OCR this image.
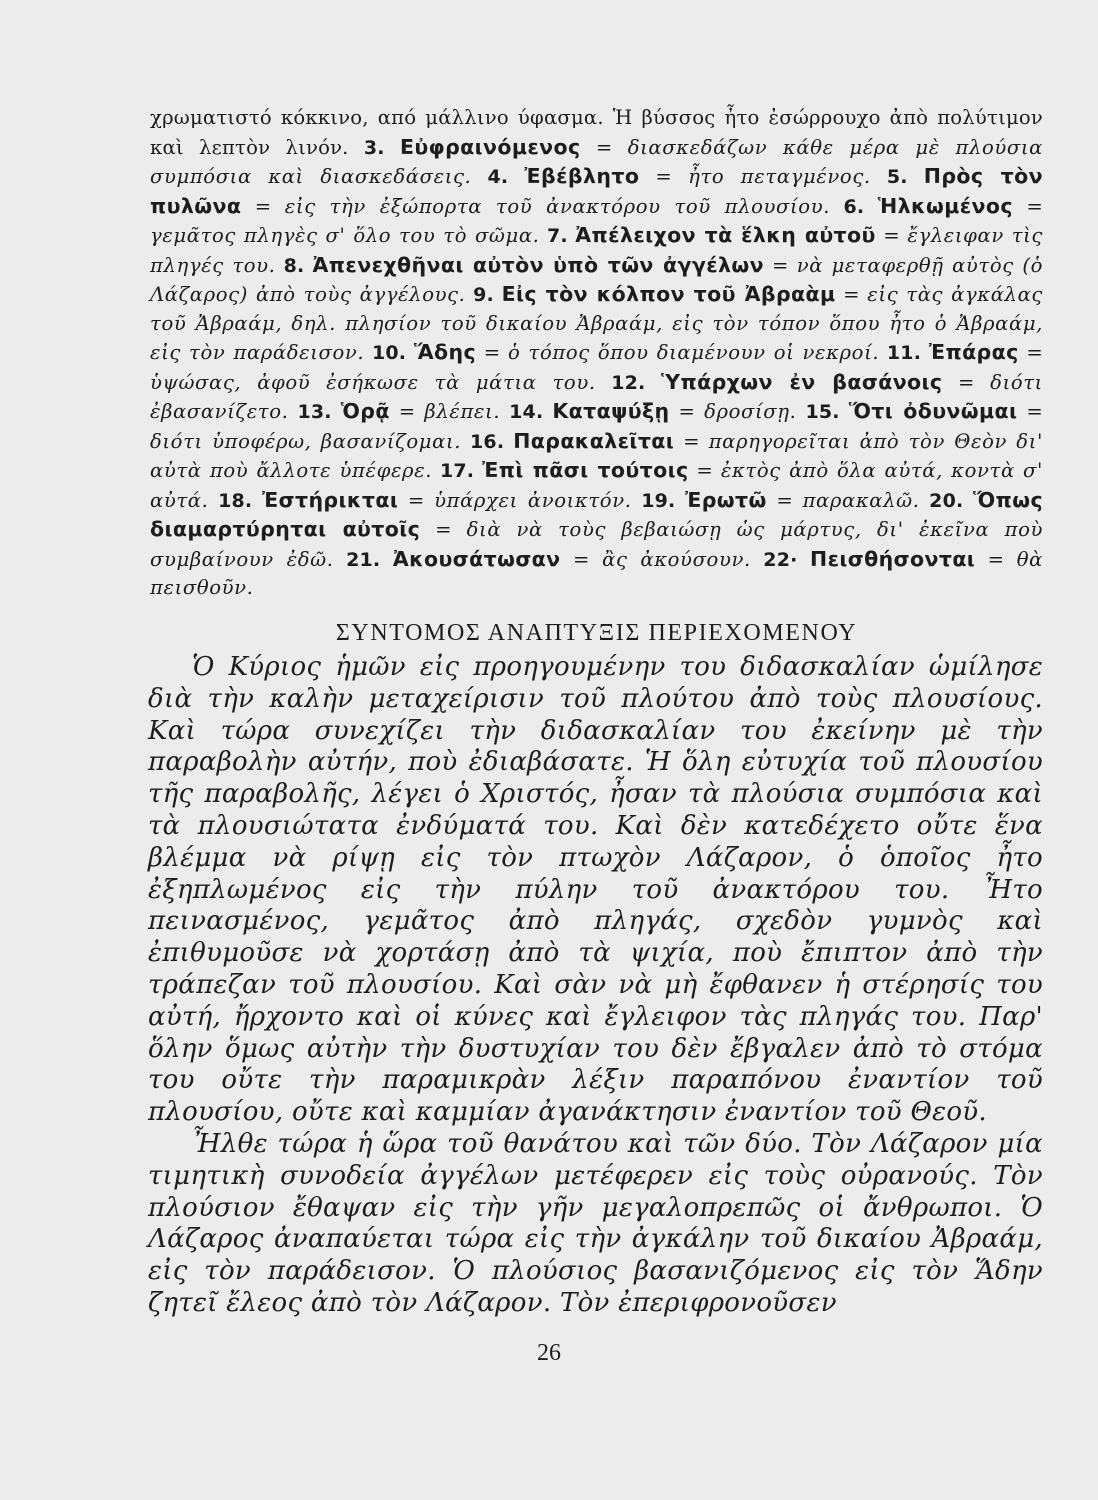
χρωματιστό κόκκινο, από μάλλινο ύφασμα. Ἡ βύσσος ἦτο ἐσώρρουχο ἀπὸ πολύτιμον καὶ λεπτὸν λινόν. 3. Εὐφραινόμενος = διασκεδάζων κάθε μέρα μὲ πλούσια συμπόσια καὶ διασκεδάσεις. 4. Ἐβέβλητο = ἦτο πεταγμένος. 5. Πρὸς τὸν πυλῶνα = εἰς τὴν ἐξώπορτα τοῦ ἀνακτόρου τοῦ πλουσίου. 6. Ἡλκωμένος = γεμᾶτος πληγὲς σ' ὅλο του τὸ σῶμα. 7. Ἀπέλειχον τὰ ἕλκη αὐτοῦ = ἔγλειφαν τὶς πληγές του. 8. Ἀπενεχθῆναι αὐτὸν ὑπὸ τῶν ἀγγέλων = νὰ μεταφερθῇ αὐτὸς (ὁ Λάζαρος) ἀπὸ τοὺς ἀγγέλους. 9. Εἰς τὸν κόλπον τοῦ Ἀβραὰμ = εἰς τὰς ἀγκάλας τοῦ Ἀβραάμ, δηλ. πλησίον τοῦ δικαίου Ἀβραάμ, εἰς τὸν τόπον ὅπου ἦτο ὁ Ἀβραάμ, εἰς τὸν παράδεισον. 10. Ἅδης = ὁ τόπος ὅπου διαμένουν οἱ νεκροί. 11. Ἐπάρας = ὑψώσας, ἀφοῦ ἐσήκωσε τὰ μάτια του. 12. Ὑπάρχων ἐν βασάνοις = διότι ἐβασανίζετο. 13. Ὁρᾷ = βλέπει. 14. Καταψύξῃ = δροσίσῃ. 15. Ὅτι ὀδυνῶμαι = διότι ὑποφέρω, βασανίζομαι. 16. Παρακαλεῖται = παρηγορεῖται ἀπὸ τὸν Θεὸν δι' αὐτὰ ποὺ ἄλλοτε ὑπέφερε. 17. Ἐπὶ πᾶσι τούτοις = ἐκτὸς ἀπὸ ὅλα αὐτά, κοντὰ σ' αὐτά. 18. Ἐστήρικται = ὑπάρχει ἀνοικτόν. 19. Ἐρωτῶ = παρακαλῶ. 20. Ὅπως διαμαρτύρηται αὐτοῖς = διὰ νὰ τοὺς βεβαιώσῃ ὡς μάρτυς, δι' ἐκεῖνα ποὺ συμβαίνουν ἐδῶ. 21. Ἀκουσάτωσαν = ἂς ἀκούσουν. 22· Πεισθήσονται = θὰ πεισθοῦν.
ΣΥΝΤΟΜΟΣ ΑΝΑΠΤΥΞΙΣ ΠΕΡΙΕΧΟΜΕΝΟΥ

Ὁ Κύριος ἡμῶν εἰς προηγουμένην του διδασκαλίαν ὡμίλησε διὰ τὴν καλὴν μεταχείρισιν τοῦ πλούτου ἀπὸ τοὺς πλουσίους. Καὶ τώρα συνεχίζει τὴν διδασκαλίαν του ἐκείνην μὲ τὴν παραβολὴν αὐτήν, ποὺ ἐδιαβάσατε. Ἡ ὅλη εὐτυχία τοῦ πλουσίου τῆς παραβολῆς, λέγει ὁ Χριστός, ἦσαν τὰ πλούσια συμπόσια καὶ τὰ πλουσιώτατα ἐνδύματά του. Καὶ δὲν κατεδέχετο οὔτε ἕνα βλέμμα νὰ ρίψῃ εἰς τὸν πτωχὸν Λάζαρον, ὁ ὁποῖος ἦτο ἐξηπλωμένος εἰς τὴν πύλην τοῦ ἀνακτόρου του. Ἦτο πεινασμένος, γεμᾶτος ἀπὸ πληγάς, σχεδὸν γυμνὸς καὶ ἐπιθυμοῦσε νὰ χορτάσῃ ἀπὸ τὰ ψιχία, ποὺ ἔπιπτον ἀπὸ τὴν τράπεζαν τοῦ πλουσίου. Καὶ σὰν νὰ μὴ ἔφθανεν ἡ στέρησίς του αὐτή, ἤρχοντο καὶ οἱ κύνες καὶ ἔγλειφον τὰς πληγάς του. Παρ' ὅλην ὅμως αὐτὴν τὴν δυστυχίαν του δὲν ἔβγαλεν ἀπὸ τὸ στόμα του οὔτε τὴν παραμικρὰν λέξιν παραπόνου ἐναντίον τοῦ πλουσίου, οὔτε καὶ καμμίαν ἀγανάκτησιν ἐναντίον τοῦ Θεοῦ.

Ἦλθε τώρα ἡ ὥρα τοῦ θανάτου καὶ τῶν δύο. Τὸν Λάζαρον μία τιμητικὴ συνοδεία ἀγγέλων μετέφερεν εἰς τοὺς οὐρανούς. Τὸν πλούσιον ἔθαψαν εἰς τὴν γῆν μεγαλοπρεπῶς οἱ ἄνθρωποι. Ὁ Λάζαρος ἀναπαύεται τώρα εἰς τὴν ἀγκάλην τοῦ δικαίου Ἀβραάμ, εἰς τὸν παράδεισον. Ὁ πλούσιος βασανιζόμενος εἰς τὸν Ἅδην ζητεῖ ἔλεος ἀπὸ τὸν Λάζαρον. Τὸν ἐπεριφρονοῦσεν

26
